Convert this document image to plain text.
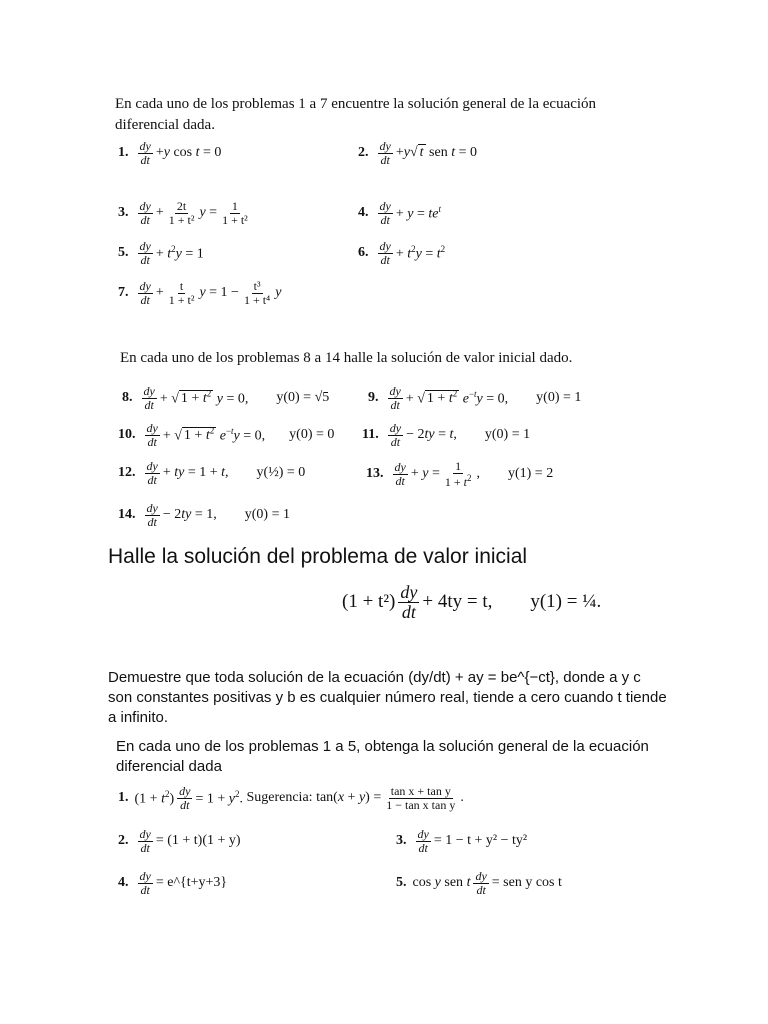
En cada uno de los problemas 1 a 7 encuentre la solución general de la ecuación diferencial dada.
1. $\frac{dy}{dt} +y$ cos t = 0	2. $\frac{dy}{dt} +y√$ t sen t = 0
3. $\frac{dy}{dt} + \frac{2t}{\text{1 + t²}}$ $y = \frac{1}{\text{1 + t²}}$	4. $\frac{dy}{dt} + y = te^t$
5. $\frac{dy}{dt} + t^2y = 1$	6. $\frac{dy}{dt} + t^2y = t^2$
7. $\frac{dy}{dt} + \frac{t}{\text{1 + t²}}$ $y = 1 - \frac{\text{t³}}{\text{1 + t⁴}}$ y
En cada uno de los problemas 8 a 14 halle la solución de valor inicial dado.
8. $\frac{dy}{dt}$ + √ $1 + t^2$ y = 0, y(0) = √5	9. $\frac{dy}{dt}$ + √ $1 + t^2$ $e^{-t}y = 0$, y(0) = 1
10. $\frac{dy}{dt}$ + √ $1 + t^2$ $e^{-t}y = 0$, y(0) = 0 11. $\frac{dy}{dt} - 2ty = t$, y(0) = 1
12. $\frac{dy}{dt}$ + ty = 1 + t, y(½) = 0	13. $\frac{dy}{dt} + y = \frac{1}{1 + t^2}$ , y(1) = 2
14. $\frac{dy}{dt} - 2ty = 1$, y(0) = 1
Halle la solución del problema de valor inicial
$(1 + t^2) \frac{dy}{dt} + 4ty = t$, y(1) = ¼.
Demuestre que toda solución de la ecuación (dy/dt) + ay = be^{−ct}, donde a y c son constantes positivas y b es cualquier número real, tiende a cero cuando t tiende a infinito.
En cada uno de los problemas 1 a 5, obtenga la solución general de la ecuación diferencial dada
1. $(1 + t^2) \frac{dy}{dt} = 1 + y^2$. Sugerencia: $\tan(x + y) = \frac{\text{tan x + tan y}}{\text{1 − tan x tan y}}$ .
2. $\frac{dy}{dt} = (1 + t)(1 + y)$	3. $\frac{dy}{dt} = 1 - t + y^2 - ty^2$
4. $\frac{dy}{dt}$ = e^{t+y+3}	5. cos y sen t $\frac{dy}{dt}$ = sen y cos t
